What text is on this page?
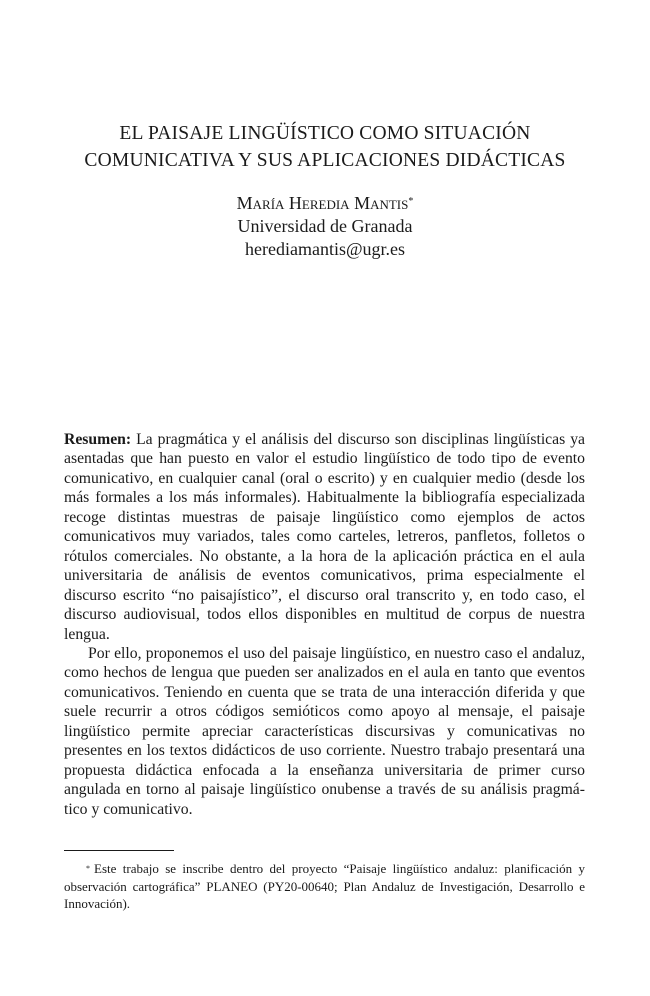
EL PAISAJE LINGÜÍSTICO COMO SITUACIÓN
COMUNICATIVA Y SUS APLICACIONES DIDÁCTICAS
María Heredia Mantis*
Universidad de Granada
herediamantis@ugr.es

Resumen: La pragmática y el análisis del discurso son disciplinas lingüísticas ya asentadas que han puesto en valor el estudio lingüístico de todo tipo de evento comunicativo, en cualquier canal (oral o escrito) y en cualquier medio (desde los más formales a los más informales). Habitualmente la bibliografía especializada recoge distintas muestras de paisaje lingüístico como ejemplos de actos comunicativos muy variados, tales como carteles, letreros, panfletos, folletos o rótulos comerciales. No obstante, a la hora de la aplicación práctica en el aula universitaria de análisis de eventos comunicativos, prima especialmente el discurso escrito “no paisajístico”, el discurso oral transcrito y, en todo caso, el discurso audiovisual, todos ellos disponibles en multitud de corpus de nuestra lengua.

Por ello, proponemos el uso del paisaje lingüístico, en nuestro caso el andaluz, como hechos de lengua que pueden ser analizados en el aula en tanto que eventos comunicativos. Teniendo en cuenta que se trata de una interacción diferida y que suele recurrir a otros códigos semióticos como apoyo al mensaje, el paisaje lingüístico permite apreciar características discursivas y comunicativas no presentes en los textos didácticos de uso corriente. Nuestro trabajo presentará una propuesta didáctica enfocada a la enseñanza universitaria de primer curso angulada en torno al paisaje lingüístico onubense a través de su análisis pragmático y comunicativo.

* Este trabajo se inscribe dentro del proyecto “Paisaje lingüístico andaluz: planificación y observación cartográfica” PLANEO (PY20-00640; Plan Andaluz de Investigación, Desarrollo e Innovación).
